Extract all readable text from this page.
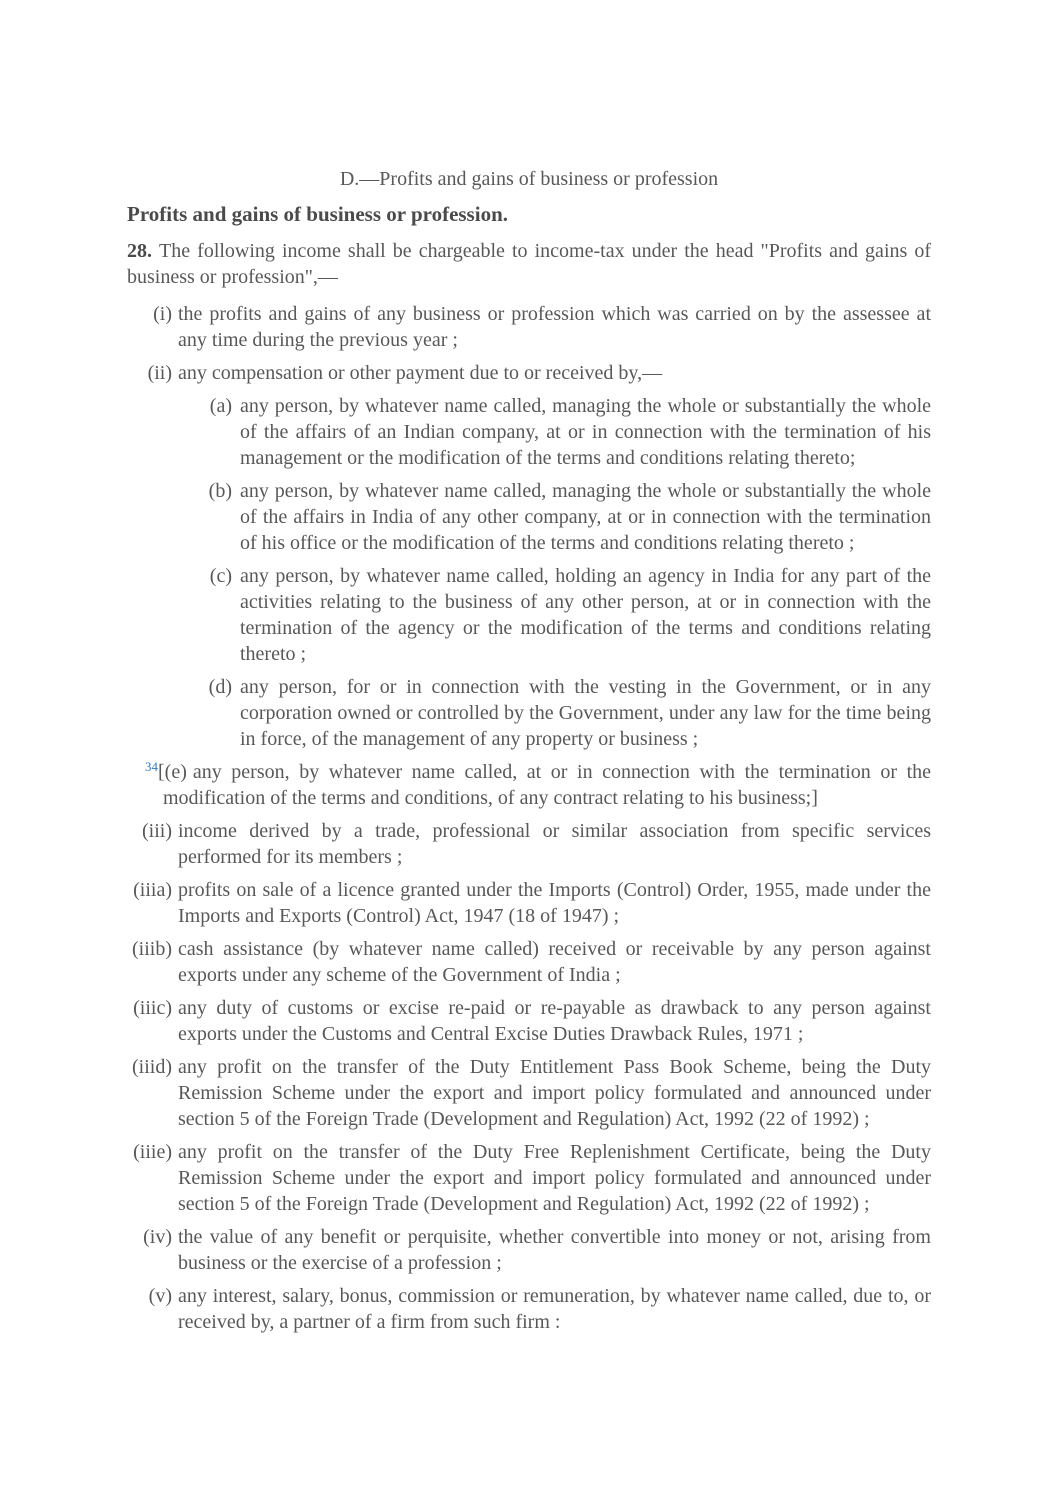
D.—Profits and gains of business or profession
Profits and gains of business or profession.

28. The following income shall be chargeable to income-tax under the head "Profits and gains of business or profession",—

(i) the profits and gains of any business or profession which was carried on by the assessee at any time during the previous year ;
(ii) any compensation or other payment due to or received by,—
(a) any person, by whatever name called, managing the whole or substantially the whole of the affairs of an Indian company, at or in connection with the termination of his management or the modification of the terms and conditions relating thereto;
(b) any person, by whatever name called, managing the whole or substantially the whole of the affairs in India of any other company, at or in connection with the termination of his office or the modification of the terms and conditions relating thereto ;
(c) any person, by whatever name called, holding an agency in India for any part of the activities relating to the business of any other person, at or in connection with the termination of the agency or the modification of the terms and conditions relating thereto ;
(d) any person, for or in connection with the vesting in the Government, or in any corporation owned or controlled by the Government, under any law for the time being in force, of the management of any property or business ;
$^{34}$[(e) any person, by whatever name called, at or in connection with the termination or the modification of the terms and conditions, of any contract relating to his business;]
(iii) income derived by a trade, professional or similar association from specific services performed for its members ;
(iiia) profits on sale of a licence granted under the Imports (Control) Order, 1955, made under the Imports and Exports (Control) Act, 1947 (18 of 1947) ;
(iiib) cash assistance (by whatever name called) received or receivable by any person against exports under any scheme of the Government of India ;
(iiic) any duty of customs or excise re-paid or re-payable as drawback to any person against exports under the Customs and Central Excise Duties Drawback Rules, 1971 ;
(iiid) any profit on the transfer of the Duty Entitlement Pass Book Scheme, being the Duty Remission Scheme under the export and import policy formulated and announced under section 5 of the Foreign Trade (Development and Regulation) Act, 1992 (22 of 1992) ;
(iiie) any profit on the transfer of the Duty Free Replenishment Certificate, being the Duty Remission Scheme under the export and import policy formulated and announced under section 5 of the Foreign Trade (Development and Regulation) Act, 1992 (22 of 1992) ;
(iv) the value of any benefit or perquisite, whether convertible into money or not, arising from business or the exercise of a profession ;
(v) any interest, salary, bonus, commission or remuneration, by whatever name called, due to, or received by, a partner of a firm from such firm :
